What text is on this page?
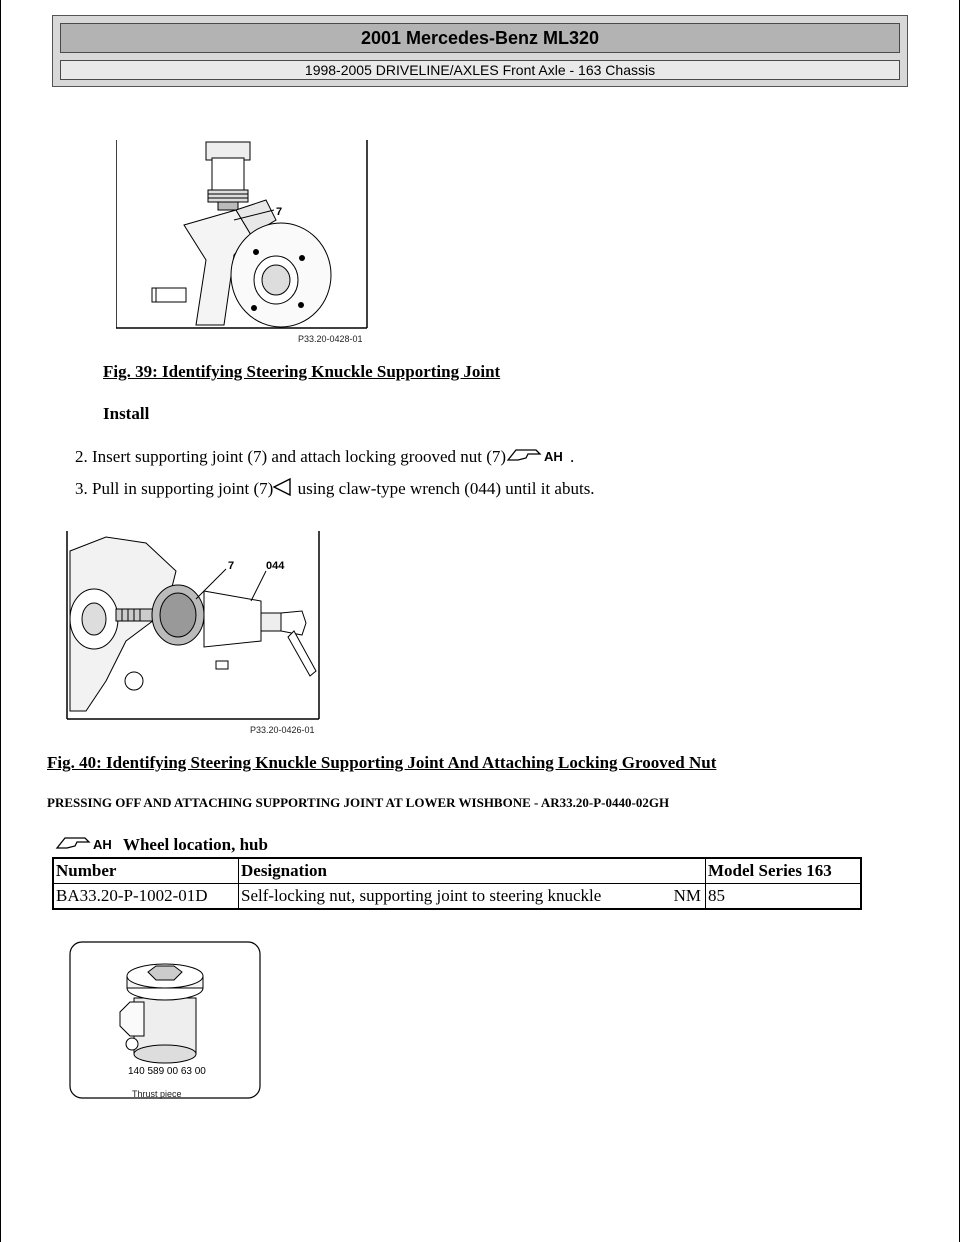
2001 Mercedes-Benz ML320
1998-2005 DRIVELINE/AXLES Front Axle - 163 Chassis
7
P33.20-0428-01
Fig. 39: Identifying Steering Knuckle Supporting Joint
Install
2. Insert supporting joint (7) and attach locking grooved nut (7)	AH .
3. Pull in supporting joint (7) using claw-type wrench (044) until it abuts.
7	044
P33.20-0426-01
Fig. 40: Identifying Steering Knuckle Supporting Joint And Attaching Locking Grooved Nut
PRESSING OFF AND ATTACHING SUPPORTING JOINT AT LOWER WISHBONE - AR33.20-P-0440-02GH
AH Wheel location, hub
Number	Designation	Model Series 163
BA33.20-P-1002-01D	Self-locking nut, supporting joint to steering knuckle NM	85
140 589 00 63 00
Thrust piece
